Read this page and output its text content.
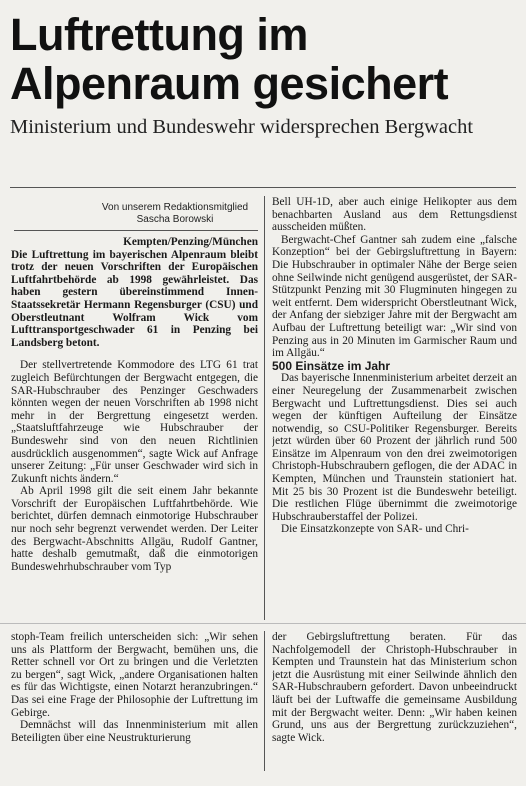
Luftrettung im
Alpenraum gesichert
Ministerium und Bundeswehr widersprechen Bergwacht
Von unserem Redaktionsmitglied
Sascha Borowski

Kempten/Penzing/München
Die Luftrettung im bayerischen Alpenraum bleibt trotz der neuen Vorschriften der Europäischen Luftfahrtbehörde ab 1998 gewährleistet. Das haben gestern übereinstimmend Innen-Staatssekretär Hermann Regensburger (CSU) und Oberstleutnant Wolfram Wick vom Lufttransportgeschwader 61 in Penzing bei Landsberg betont.

Der stellvertretende Kommodore des LTG 61 trat zugleich Befürchtungen der Bergwacht entgegen, die SAR-Hubschrauber des Penzinger Geschwaders könnten wegen der neuen Vorschriften ab 1998 nicht mehr in der Bergrettung eingesetzt werden. „Staatsluftfahrzeuge wie Hubschrauber der Bundeswehr sind von den neuen Richtlinien ausdrücklich ausgenommen“, sagte Wick auf Anfrage unserer Zeitung: „Für unser Geschwader wird sich in Zukunft nichts ändern.“

Ab April 1998 gilt die seit einem Jahr bekannte Vorschrift der Europäischen Luftfahrtbehörde. Wie berichtet, dürfen demnach einmotorige Hubschrauber nur noch sehr begrenzt verwendet werden. Der Leiter des Bergwacht-Abschnitts Allgäu, Rudolf Gantner, hatte deshalb gemutmaßt, daß die einmotorigen Bundeswehrhubschrauber vom Typ

Bell UH-1D, aber auch einige Helikopter aus dem benachbarten Ausland aus dem Rettungsdienst ausscheiden müßten.

Bergwacht-Chef Gantner sah zudem eine „falsche Konzeption“ bei der Gebirgsluftrettung in Bayern: Die Hubschrauber in optimaler Nähe der Berge seien ohne Seilwinde nicht genügend ausgerüstet, der SAR-Stützpunkt Penzing mit 30 Flugminuten hingegen zu weit entfernt. Dem widerspricht Oberstleutnant Wick, der Anfang der siebziger Jahre mit der Bergwacht am Aufbau der Luftrettung beteiligt war: „Wir sind von Penzing aus in 20 Minuten im Garmischer Raum und im Allgäu.“

500 Einsätze im Jahr

Das bayerische Innenministerium arbeitet derzeit an einer Neuregelung der Zusammenarbeit zwischen Bergwacht und Luftrettungsdienst. Dies sei auch wegen der künftigen Aufteilung der Einsätze notwendig, so CSU-Politiker Regensburger. Bereits jetzt würden über 60 Prozent der jährlich rund 500 Einsätze im Alpenraum von den drei zweimotorigen Christoph-Hubschraubern geflogen, die der ADAC in Kempten, München und Traunstein stationiert hat. Mit 25 bis 30 Prozent ist die Bundeswehr beteiligt. Die restlichen Flüge übernimmt die zweimotorige Hubschrauberstaffel der Polizei.

Die Einsatzkonzepte von SAR- und Chri-

stoph-Team freilich unterscheiden sich: „Wir sehen uns als Plattform der Bergwacht, bemühen uns, die Retter schnell vor Ort zu bringen und die Verletzten zu bergen“, sagt Wick, „andere Organisationen halten es für das Wichtigste, einen Notarzt heranzubringen.“ Das sei eine Frage der Philosophie der Luftrettung im Gebirge.

Demnächst will das Innenministerium mit allen Beteiligten über eine Neustrukturierung

der Gebirgsluftrettung beraten. Für das Nachfolgemodell der Christoph-Hubschrauber in Kempten und Traunstein hat das Ministerium schon jetzt die Ausrüstung mit einer Seilwinde ähnlich den SAR-Hubschraubern gefordert. Davon unbeeindruckt läuft bei der Luftwaffe die gemeinsame Ausbildung mit der Bergwacht weiter. Denn: „Wir haben keinen Grund, uns aus der Bergrettung zurückzuziehen“, sagte Wick.
